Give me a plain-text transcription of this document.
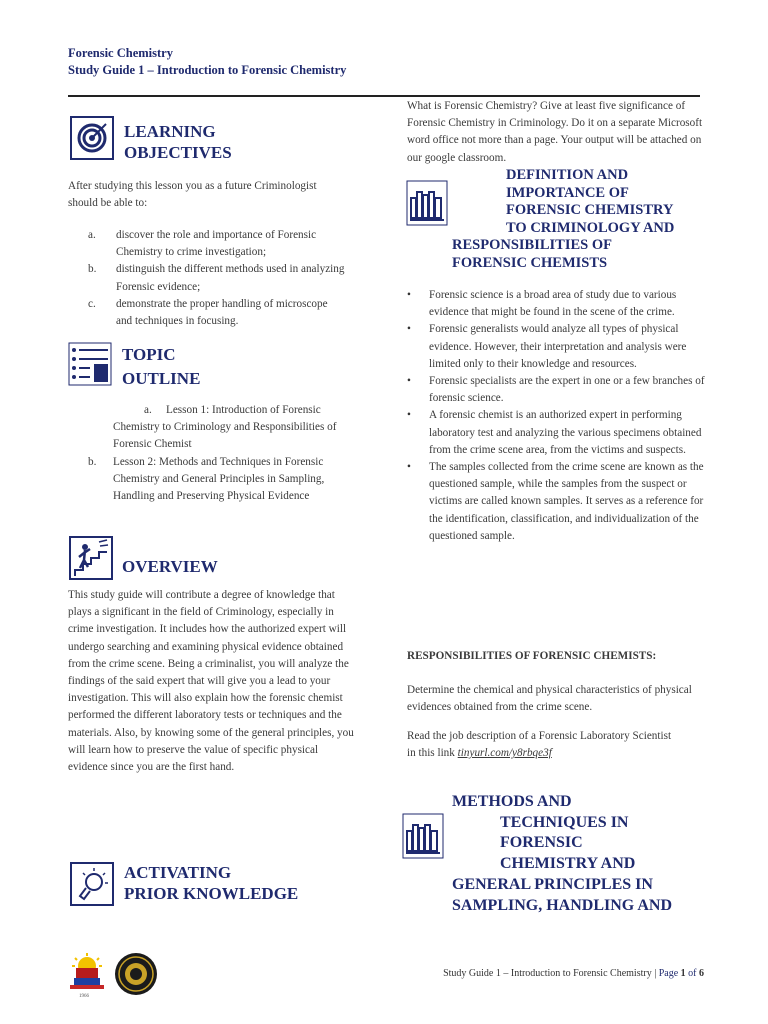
Forensic Chemistry
Study Guide 1 – Introduction to Forensic Chemistry
LEARNING
OBJECTIVES
After studying this lesson you as a future Criminologist should be able to:
a. discover the role and importance of Forensic Chemistry to crime investigation;
b. distinguish the different methods used in analyzing Forensic evidence;
c. demonstrate the proper handling of microscope and techniques in focusing.
TOPIC
OUTLINE
a.	Lesson 1: Introduction of Forensic Chemistry to Criminology and Responsibilities of Forensic Chemist
b. Lesson 2: Methods and Techniques in Forensic Chemistry and General Principles in Sampling, Handling and Preserving Physical Evidence
OVERVIEW
This study guide will contribute a degree of knowledge that plays a significant in the field of Criminology, especially in crime investigation. It includes how the authorized expert will undergo searching and examining physical evidence obtained from the crime scene. Being a criminalist, you will analyze the findings of the said expert that will give you a lead to your investigation. This will also explain how the forensic chemist performed the different laboratory tests or techniques and the materials. Also, by knowing some of the general principles, you will learn how to preserve the value of specific physical evidence since you are the first hand.
ACTIVATING
PRIOR KNOWLEDGE
What is Forensic Chemistry? Give at least five significance of Forensic Chemistry in Criminology. Do it on a separate Microsoft word office not more than a page. Your output will be attached on our google classroom.
DEFINITION AND
IMPORTANCE OF
FORENSIC CHEMISTRY
TO CRIMINOLOGY AND
RESPONSIBILITIES OF
FORENSIC CHEMISTS
• Forensic science is a broad area of study due to various evidence that might be found in the scene of the crime.
• Forensic generalists would analyze all types of physical evidence. However, their interpretation and analysis were limited only to their knowledge and resources.
• Forensic specialists are the expert in one or a few branches of forensic science.
• A forensic chemist is an authorized expert in performing laboratory test and analyzing the various specimens obtained from the crime scene area, from the victims and suspects.
• The samples collected from the crime scene are known as the questioned sample, while the samples from the suspect or victims are called known samples. It serves as a reference for the identification, classification, and individualization of the questioned sample.
RESPONSIBILITIES OF FORENSIC CHEMISTS:
Determine the chemical and physical characteristics of physical evidences obtained from the crime scene.
Read the job description of a Forensic Laboratory Scientist in this link tinyurl.com/y8rbqe3f
METHODS AND
TECHNIQUES IN
FORENSIC
CHEMISTRY AND
GENERAL PRINCIPLES IN
SAMPLING, HANDLING AND
1966
Study Guide 1 – Introduction to Forensic Chemistry | Page 1 of 6
